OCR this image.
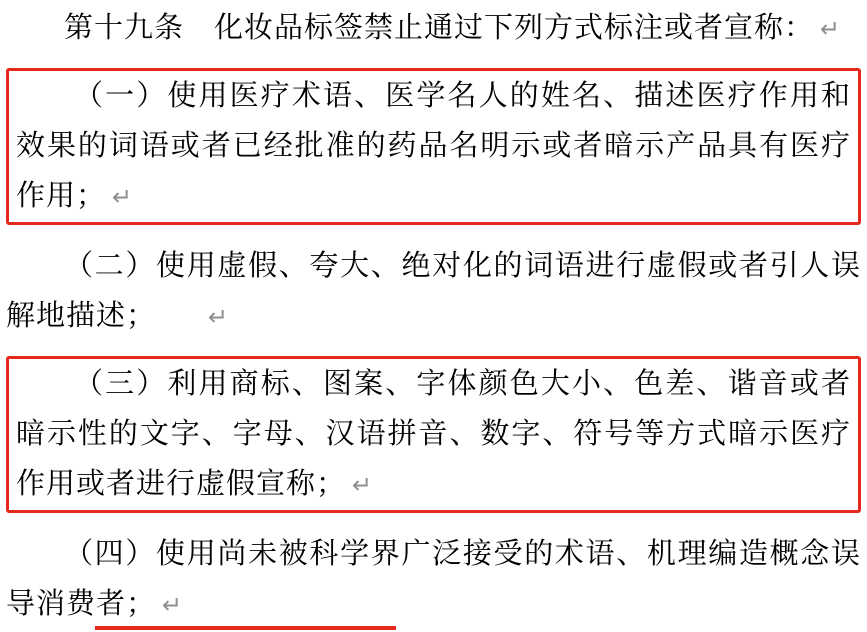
第十九条　化妆品标签禁止通过下列方式标注或者宣称： ↵

（一）使用医疗术语、医学名人的姓名、描述医疗作用和效果的词语或者已经批准的药品名明示或者暗示产品具有医疗作用； ↵

（二）使用虚假、夸大、绝对化的词语进行虚假或者引人误解地描述； ↵

（三）利用商标、图案、字体颜色大小、色差、谐音或者暗示性的文字、字母、汉语拼音、数字、符号等方式暗示医疗作用或者进行虚假宣称； ↵

（四）使用尚未被科学界广泛接受的术语、机理编造概念误导消费者； ↵
